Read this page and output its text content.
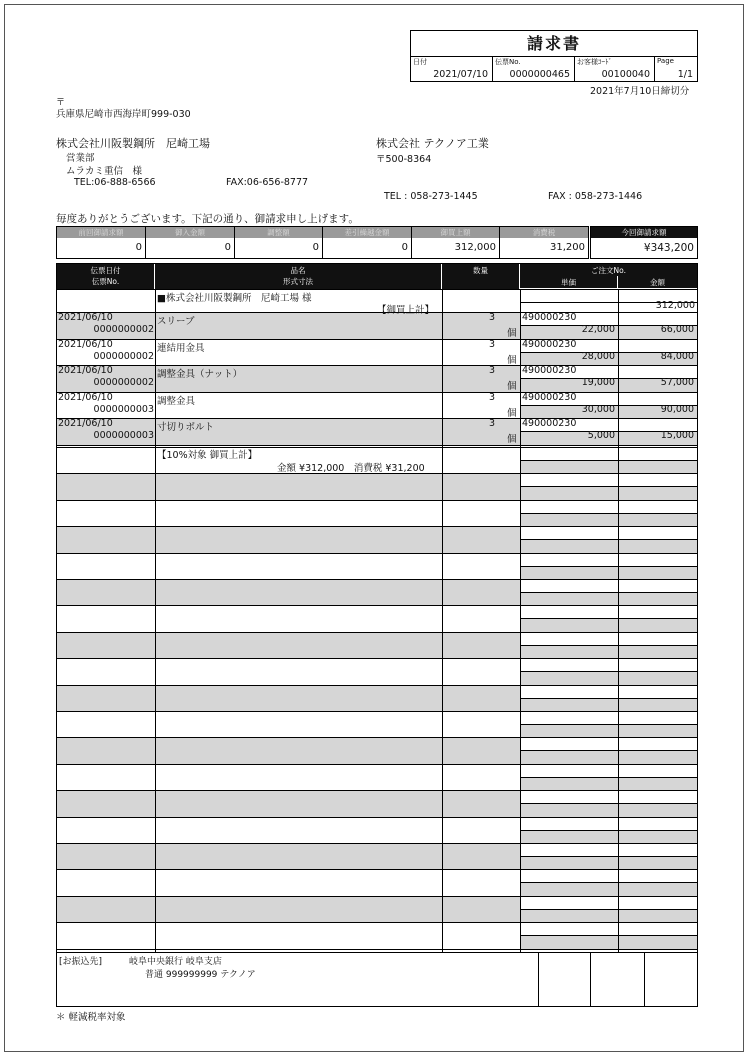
請求書
日付
2021/07/10
伝票No.
0000000465
お客様ｺｰﾄﾞ
00100040
Page
1/1
2021年7月10日締切分
〒
兵庫県尼崎市西海岸町999-030
株式会社川阪製鋼所　尼崎工場
営業部
ムラカミ重信　様
TEL:06-888-6566	FAX:06-656-8777
株式会社 テクノア工業
〒500-8364
TEL : 058-273-1445	FAX : 058-273-1446
毎度ありがとうございます。下記の通り、御請求申し上げます。
前回御請求額
0
御入金額
0
調整額
0
差引繰越金額
0
御買上額
312,000
消費税
31,200
今回御請求額
¥343,200
伝票日付
伝票No.
品名
形式寸法
数量	ご注文No.
単価	金額
■株式会社川阪製鋼所　尼崎工場 様
【御買上計】	312,000
2021/06/10
0000000002
スリーブ	3
個
490000230
22,000	66,000
2021/06/10
0000000002
連結用金具	3
個
490000230
28,000	84,000
2021/06/10
0000000002
調整金具（ナット）	3
個
490000230
19,000	57,000
2021/06/10
0000000003
調整金具	3
個
490000230
30,000	90,000
2021/06/10
0000000003
寸切りボルト	3
個
490000230
5,000	15,000
【10%対象 御買上計】
金額 ¥312,000　消費税 ¥31,200
[お振込先]	岐阜中央銀行 岐阜支店
普通 999999999 テクノア
＊ 軽減税率対象
